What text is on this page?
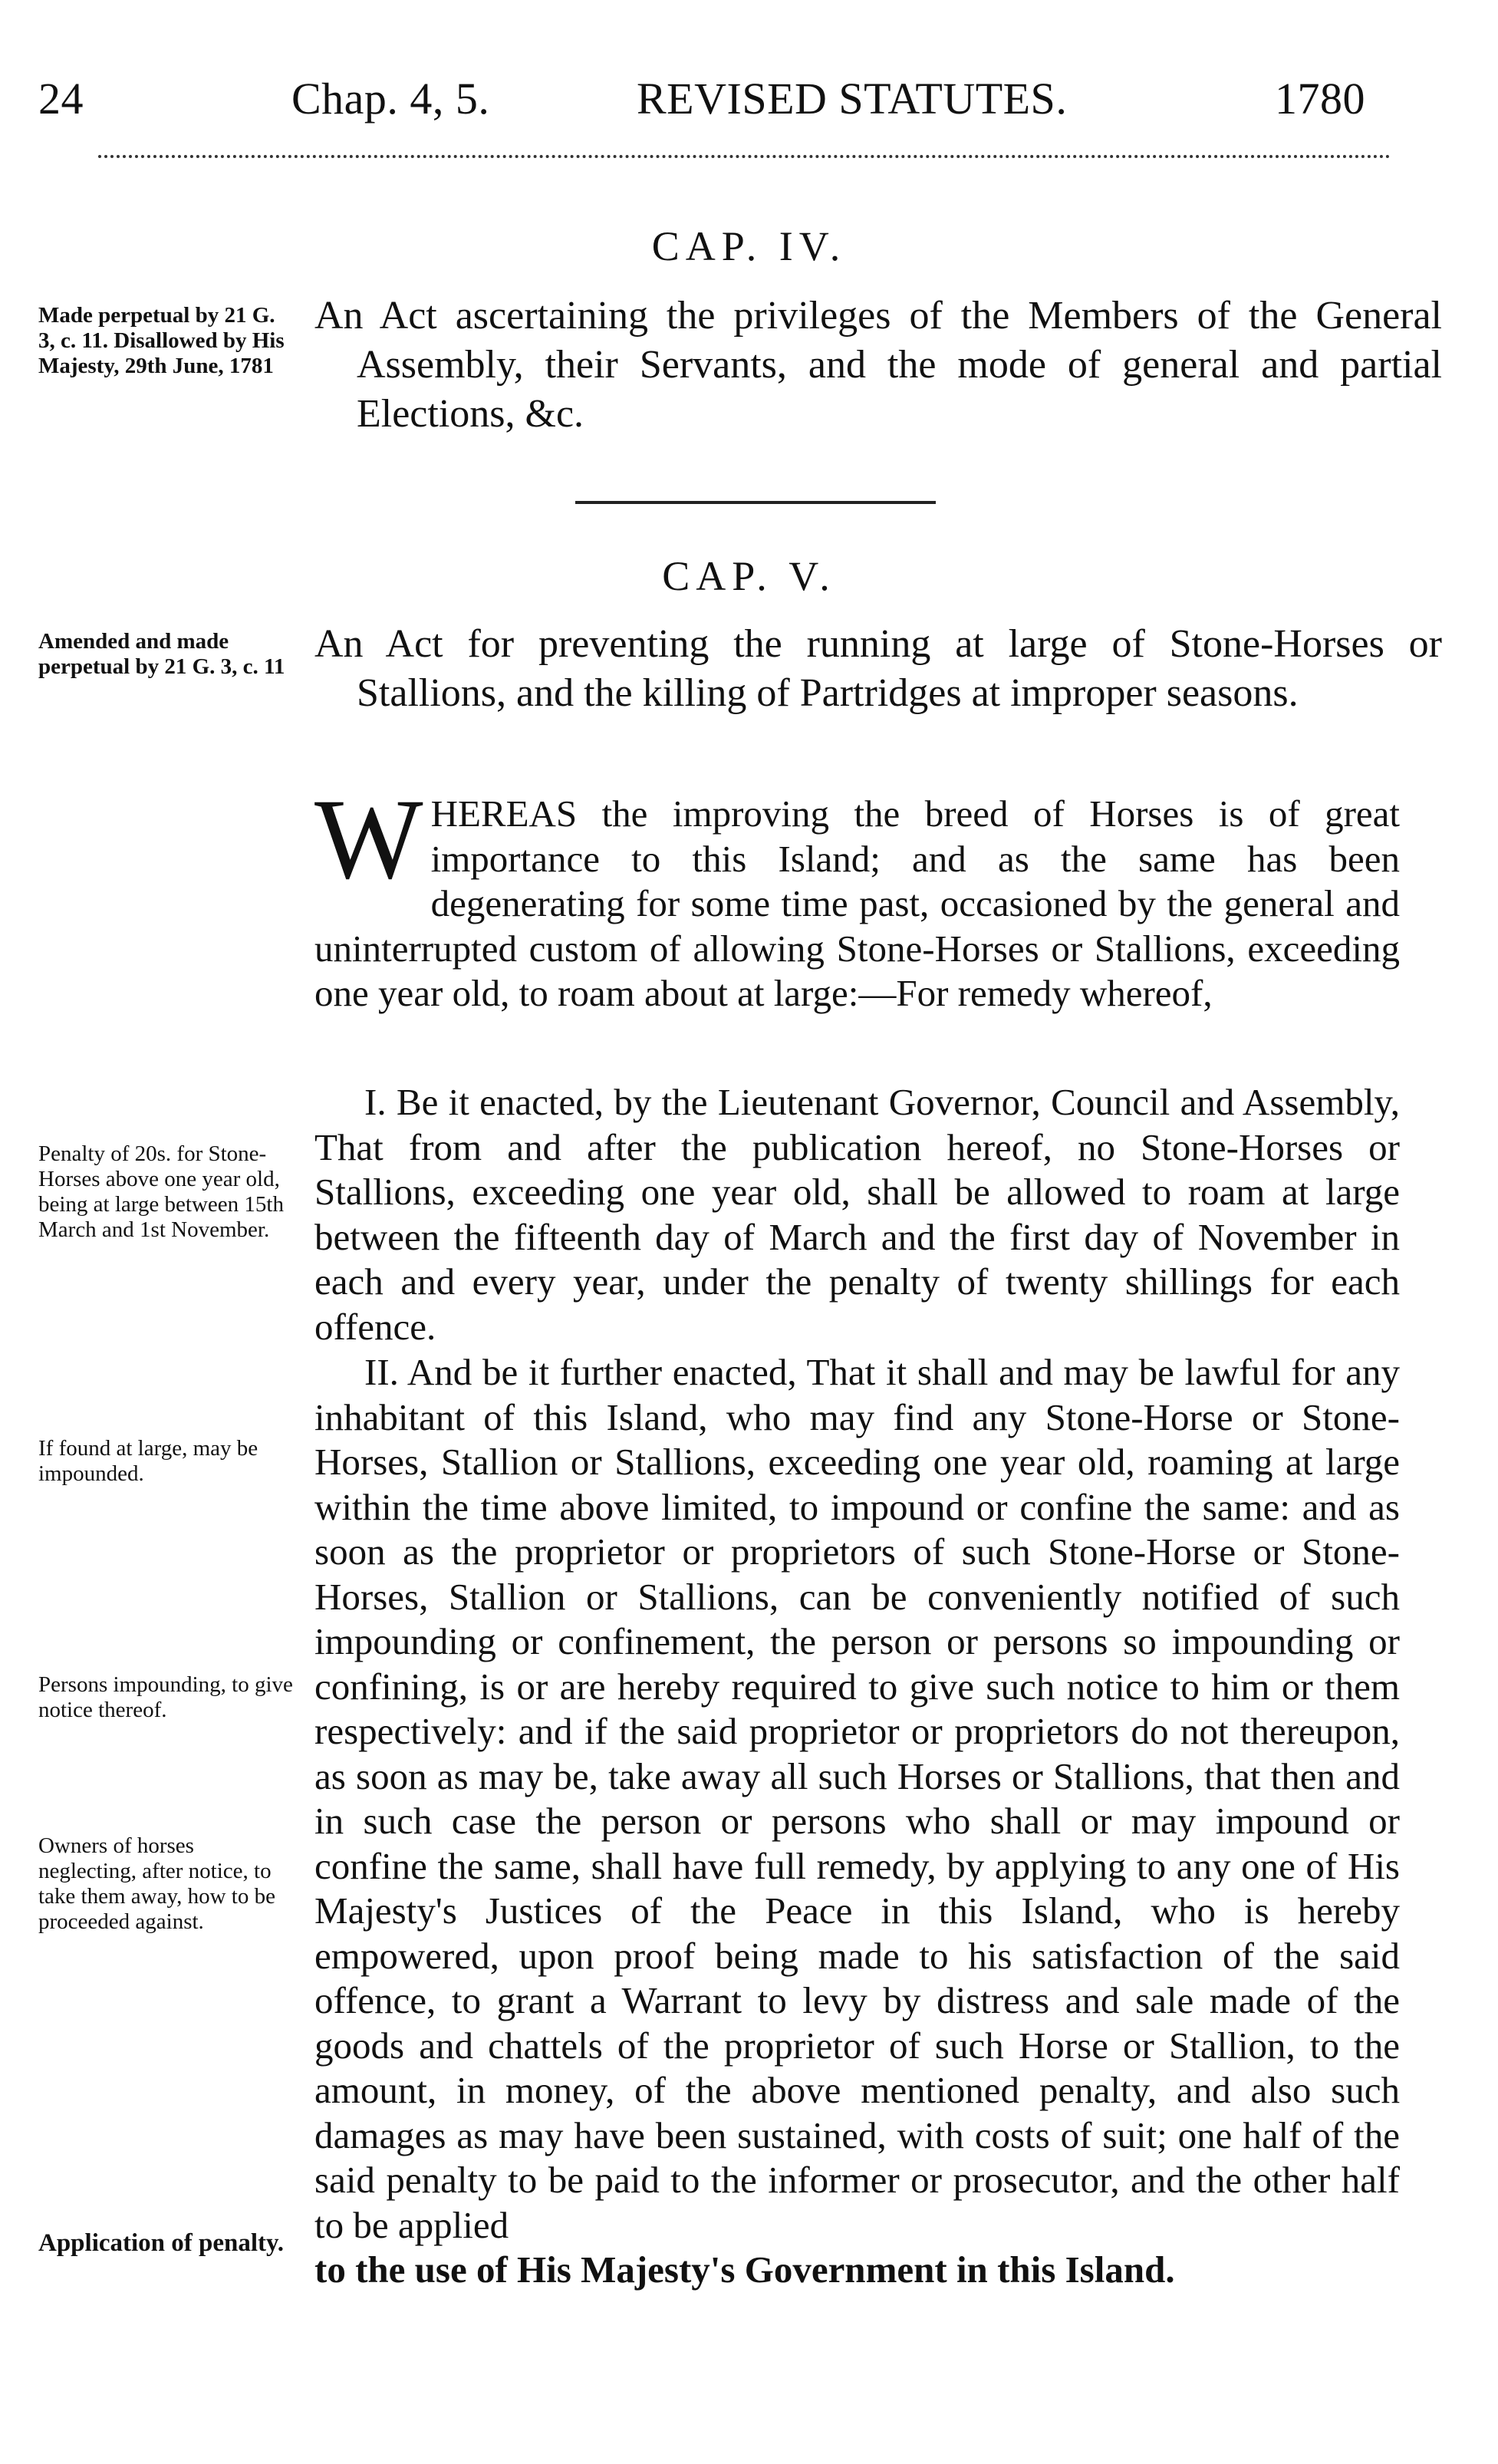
24	Chap. 4, 5.	REVISED STATUTES.	1780
CAP. IV.
An Act ascertaining the privileges of the Members of the General Assembly, their Servants, and the mode of general and partial Elections, &c.
Made perpetual by 21 G. 3, c. 11. Disallowed by His Majesty, 29th June, 1781
CAP. V.
An Act for preventing the running at large of Stone-Horses or Stallions, and the killing of Partridges at improper seasons.
Amended and made perpetual by 21 G. 3, c. 11

WHEREAS the improving the breed of Horses is of great importance to this Island; and as the same has been degenerating for some time past, occasioned by the general and uninterrupted custom of allowing Stone-Horses or Stallions, exceeding one year old, to roam about at large:—For remedy whereof,

I. Be it enacted, by the Lieutenant Governor, Council and Assembly, That from and after the publication hereof, no Stone-Horses or Stallions, exceeding one year old, shall be allowed to roam at large between the fifteenth day of March and the first day of November in each and every year, under the penalty of twenty shillings for each offence.

Penalty of 20s. for Stone-Horses above one year old, being at large between 15th March and 1st November.

II. And be it further enacted, That it shall and may be lawful for any inhabitant of this Island, who may find any Stone-Horse or Stone-Horses, Stallion or Stallions, exceeding one year old, roaming at large within the time above limited, to impound or confine the same: and as soon as the proprietor or proprietors of such Stone-Horse or Stone-Horses, Stallion or Stallions, can be conveniently notified of such impounding or confinement, the person or persons so impounding or confining, is or are hereby required to give such notice to him or them respectively: and if the said proprietor or proprietors do not thereupon, as soon as may be, take away all such Horses or Stallions, that then and in such case the person or persons who shall or may impound or confine the same, shall have full remedy, by applying to any one of His Majesty's Justices of the Peace in this Island, who is hereby empowered, upon proof being made to his satisfaction of the said offence, to grant a Warrant to levy by distress and sale made of the goods and chattels of the proprietor of such Horse or Stallion, to the amount, in money, of the above mentioned penalty, and also such damages as may have been sustained, with costs of suit; one half of the said penalty to be paid to the informer or prosecutor, and the other half to be applied

to the use of His Majesty's Government in this Island.

If found at large, may be impounded.
Persons impounding, to give notice thereof.
Owners of horses neglecting, after notice, to take them away, how to be proceeded against.
Application of penalty.
